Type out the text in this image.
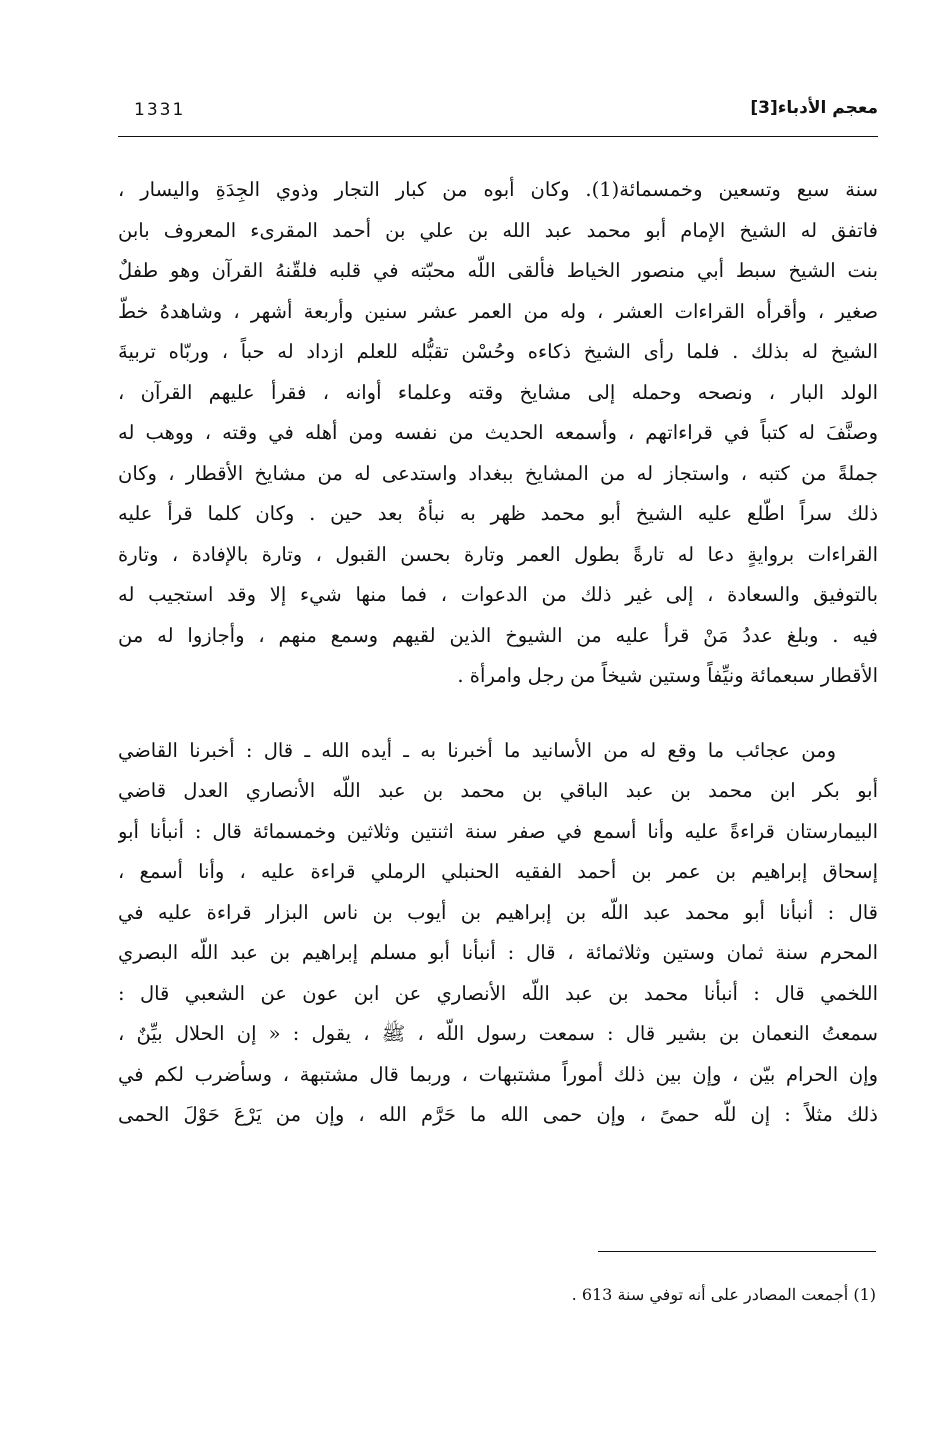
1331	معجم الأدباء[3]
سنة سبع وتسعين وخمسمائة(1). وكان أبوه من كبار التجار وذوي الجِدَةِ واليسار ،
فاتفق له الشيخ الإمام أبو محمد عبد الله بن علي بن أحمد المقرىء المعروف بابن
بنت الشيخ سبط أبي منصور الخياط فألقى اللّه محبّته في قلبه فلقّنهُ القرآن وهو طفلٌ
صغير ، وأقرأه القراءات العشر ، وله من العمر عشر سنين وأربعة أشهر ، وشاهدهُ خطّ
الشيخ له بذلك . فلما رأى الشيخ ذكاءه وحُسْن تقبُّله للعلم ازداد له حباً ، وربّاه تربيةَ
الولد البار ، ونصحه وحمله إلى مشايخ وقته وعلماء أوانه ، فقرأ عليهم القرآن ،
وصنَّفَ له كتباً في قراءاتهم ، وأسمعه الحديث من نفسه ومن أهله في وقته ، ووهب له
جملةً من كتبه ، واستجاز له من المشايخ ببغداد واستدعى له من مشايخ الأقطار ، وكان
ذلك سراً اطّلع عليه الشيخ أبو محمد ظهر به نبأهُ بعد حين . وكان كلما قرأ عليه
القراءات بروايةٍ دعا له تارةً بطول العمر وتارة بحسن القبول ، وتارة بالإفادة ، وتارة
بالتوفيق والسعادة ، إلى غير ذلك من الدعوات ، فما منها شيء إلا وقد استجيب له
فيه . وبلغ عددُ مَنْ قرأ عليه من الشيوخ الذين لقيهم وسمع منهم ، وأجازوا له من
الأقطار سبعمائة ونيِّفاً وستين شيخاً من رجل وامرأة .
ومن عجائب ما وقع له من الأسانيد ما أخبرنا به ـ أيده الله ـ قال : أخبرنا القاضي
أبو بكر ابن محمد بن عبد الباقي بن محمد بن عبد اللّه الأنصاري العدل قاضي
البيمارستان قراءةً عليه وأنا أسمع في صفر سنة اثنتين وثلاثين وخمسمائة قال : أنبأنا أبو
إسحاق إبراهيم بن عمر بن أحمد الفقيه الحنبلي الرملي قراءة عليه ، وأنا أسمع ،
قال : أنبأنا أبو محمد عبد اللّه بن إبراهيم بن أيوب بن ناس البزار قراءة عليه في
المحرم سنة ثمان وستين وثلاثمائة ، قال : أنبأنا أبو مسلم إبراهيم بن عبد اللّه البصري
اللخمي قال : أنبأنا محمد بن عبد اللّه الأنصاري عن ابن عون عن الشعبي قال :
سمعتُ النعمان بن بشير قال : سمعت رسول اللّه ، ﷺ ، يقول : « إن الحلال بيِّنٌ ،
وإن الحرام بيّن ، وإن بين ذلك أموراً مشتبهات ، وربما قال مشتبهة ، وسأضرب لكم في
ذلك مثلاً : إن للّه حمىً ، وإن حمى الله ما حَرَّم الله ، وإن من يَرْعَ حَوْلَ الحمى
(1) أجمعت المصادر على أنه توفي سنة 613 .
